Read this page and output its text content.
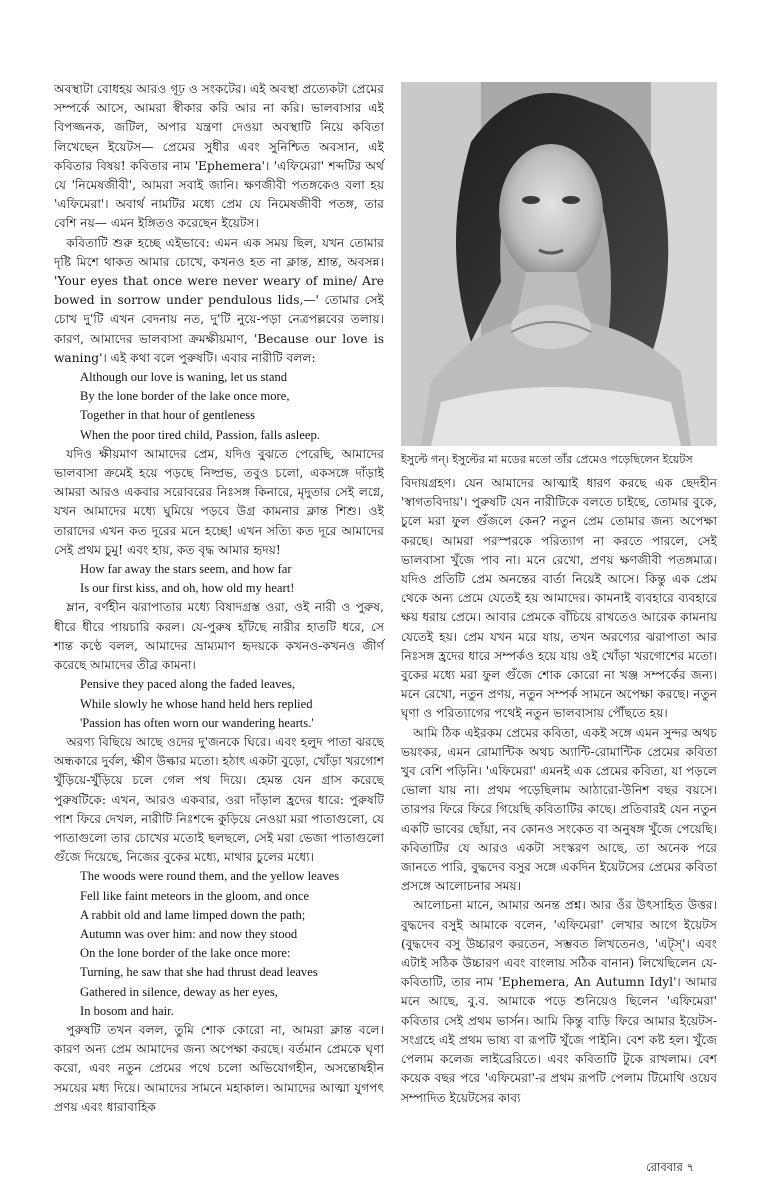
অবস্থাটা বোধহয় আরও গূঢ় ও সংকটের। এই অবস্থা প্রত্যেকটা প্রেমের সম্পর্কে আসে, আমরা স্বীকার করি আর না করি। ভালবাসার এই বিপজ্জনক, জটিল, অপার যন্ত্রণা দেওয়া অবস্থাটি নিয়ে কবিতা লিখেছেন ইয়েটস— প্রেমের সুধীর এবং সুনিশ্চিত অবসান, এই কবিতার বিষয়! কবিতার নাম 'Ephemera'। 'এফিমেরা' শব্দটির অর্থ যে 'নিমেষজীবী', আমরা সবাই জানি। ক্ষণজীবী পতঙ্গকেও বলা হয় 'এফিমেরা'। অবার্থ নামটির মধ্যে প্রেম যে নিমেষজীবী পতঙ্গ, তার বেশি নয়— এমন ইঙ্গিতও করেছেন ইয়েটস।

কবিতাটি শুরু হচ্ছে এইভাবে: এমন এক সময় ছিল, যখন তোমার দৃষ্টি মিশে থাকত আমার চোখে, কখনও হত না ক্লান্ত, শ্রান্ত, অবসন্ন। 'Your eyes that once were never weary of mine/ Are bowed in sorrow under pendulous lids,—' তোমার সেই চোখ দু'টি এখন বেদনায় নত, দু'টি নুয়ে-পড়া নেত্রপল্লবের তলায়। কারণ, আমাদের ভালবাসা ক্রমক্ষীয়মাণ, 'Because our love is waning'। এই কথা বলে পুরুষটি। এবার নারীটি বলল:

Although our love is waning, let us stand
By the lone border of the lake once more,
Together in that hour of gentleness
When the poor tired child, Passion, falls asleep.

যদিও ক্ষীয়মাণ আমাদের প্রেম, যদিও বুঝতে পেরেছি, আমাদের ভালবাসা ক্রমেই হয়ে পড়ছে নিষ্প্রভ, তবুও চলো, একসঙ্গে দাঁড়াই আমরা আরও একবার সরোবরের নিঃসঙ্গ কিনারে, মৃদুতার সেই লগ্নে, যখন আমাদের মধ্যে ঘুমিয়ে পড়বে উগ্র কামনার ক্লান্ত শিশু। ওই তারাদের এখন কত দূরের মনে হচ্ছে! এখন সত্যি কত দূরে আমাদের সেই প্রথম চুমু! এবং হায়, কত বৃদ্ধ আমার হৃদয়!

How far away the stars seem, and how far
Is our first kiss, and oh, how old my heart!

ম্লান, বর্ণহীন ঝরাপাতার মধ্যে বিষাদগ্রস্ত ওরা, ওই নারী ও পুরুষ, ধীরে ধীরে পায়চারি করল। যে-পুরুষ হাঁটছে নারীর হাতটি ধরে, সে শান্ত কণ্ঠে বলল, আমাদের ভ্রাম্যমাণ হৃদয়কে কখনও-কখনও জীর্ণ করেছে আমাদের তীব্র কামনা।

Pensive they paced along the faded leaves,
While slowly he whose hand held hers replied
'Passion has often worn our wandering hearts.'

অরণ্য বিছিয়ে আছে ওদের দু'জনকে ঘিরে। এবং হলুদ পাতা ঝরছে অন্ধকারে দুর্বল, ক্ষীণ উল্কার মতো। হঠাৎ একটা বুড়ো, খোঁড়া খরগোশ খুঁড়িয়ে-খুঁড়িয়ে চলে গেল পথ দিয়ে। হেমন্ত যেন গ্রাস করেছে পুরুষটিকে: এখন, আরও একবার, ওরা দাঁড়াল হ্রদের ধারে: পুরুষটি পাশ ফিরে দেখল, নারীটি নিঃশব্দে কুড়িয়ে নেওয়া মরা পাতাগুলো, যে পাতাগুলো তার চোখের মতোই ছলছলে, সেই মরা ভেজা পাতাগুলো গুঁজে দিয়েছে, নিজের বুকের মধ্যে, মাথার চুলের মধ্যে।

The woods were round them, and the yellow leaves
Fell like faint meteors in the gloom, and once
A rabbit old and lame limped down the path;
Autumn was over him: and now they stood
On the lone border of the lake once more:
Turning, he saw that she had thrust dead leaves
Gathered in silence, deway as her eyes,
In bosom and hair.

পুরুষটি তখন বলল, তুমি শোক কোরো না, আমরা ক্লান্ত বলে। কারণ অন্য প্রেম আমাদের জন্য অপেক্ষা করছে। বর্তমান প্রেমকে ঘৃণা করো, এবং নতুন প্রেমের পথে চলো অভিযোগহীন, অসন্তোষহীন সময়ের মধ্য দিয়ে। আমাদের সামনে মহাকাল। আমাদের আত্মা যুগপৎ প্রণয় এবং ধারাবাহিক

ইসুল্টে গন্। ইসুল্টের মা মডের মতো তাঁর প্রেমেও পড়েছিলেন ইয়েটস

বিদায়গ্রহণ। যেন আমাদের আত্মাই ধারণ করছে এক ছেদহীন 'স্বাগতবিদায়'। পুরুষটি যেন নারীটিকে বলতে চাইছে, তোমার বুকে, চুলে মরা ফুল গুঁজলে কেন? নতুন প্রেম তোমার জন্য অপেক্ষা করছে। আমরা পরস্পরকে পরিত্যাগ না করতে পারলে, সেই ভালবাসা খুঁজে পাব না। মনে রেখো, প্রণয় ক্ষণজীবী পতঙ্গমাত্র। যদিও প্রতিটি প্রেম অনন্তের বার্তা নিয়েই আসে। কিন্তু এক প্রেম থেকে অন্য প্রেমে যেতেই হয় আমাদের। কামনাই ব্যবহারে ব্যবহারে ক্ষয় ধরায় প্রেমে। আবার প্রেমকে বাঁচিয়ে রাখতেও আরেক কামনায় যেতেই হয়। প্রেম যখন মরে যায়, তখন অরণ্যের ঝরাপাতা আর নিঃসঙ্গ হ্রদের ধারে সম্পর্কও হয়ে যায় ওই খোঁড়া খরগোশের মতো। বুকের মধ্যে মরা ফুল গুঁজে শোক কোরো না খঞ্জ সম্পর্কের জন্য। মনে রেখো, নতুন প্রণয়, নতুন সম্পর্ক সামনে অপেক্ষা করছে। নতুন ঘৃণা ও পরিত্যাগের পথেই নতুন ভালবাসায় পৌঁছতে হয়।

আমি ঠিক এইরকম প্রেমের কবিতা, একই সঙ্গে এমন সুন্দর অথচ ভয়ংকর, এমন রোমান্টিক অথচ অ্যান্টি-রোমান্টিক প্রেমের কবিতা খুব বেশি পড়িনি। 'এফিমেরা' এমনই এক প্রেমের কবিতা, যা পড়লে ভোলা যায় না। প্রথম পড়েছিলাম আঠারো-উনিশ বছর বয়সে। তারপর ফিরে ফিরে গিয়েছি কবিতাটির কাছে। প্রতিবারই যেন নতুন একটি ভাবের ছোঁয়া, নব কোনও সংকেত বা অনুষঙ্গ খুঁজে পেয়েছি। কবিতাটির যে আরও একটা সংস্করণ আছে, তা অনেক পরে জানতে পারি, বুদ্ধদেব বসুর সঙ্গে একদিন ইয়েটসের প্রেমের কবিতা প্রসঙ্গে আলোচনার সময়।

আলোচনা মানে, আমার অনন্ত প্রশ্ন। আর ওঁর উৎসাহিত উত্তর। বুদ্ধদেব বসুই আমাকে বলেন, 'এফিমেরা' লেখার আগে ইয়েটস (বুদ্ধদেব বসু উচ্চারণ করতেন, সম্ভবত লিখতেনও, 'এট্‌স্'। এবং এটাই সঠিক উচ্চারণ এবং বাংলায় সঠিক বানান) লিখেছিলেন যে-কবিতাটি, তার নাম 'Ephemera, An Autumn Idyl'। আমার মনে আছে, বু.ব. আমাকে পড়ে শুনিয়েও ছিলেন 'এফিমেরা' কবিতার সেই প্রথম ভার্সন। আমি কিন্তু বাড়ি ফিরে আমার ইয়েটস-সংগ্রহে এই প্রথম ভাষ্য বা রূপটি খুঁজে পাইনি। বেশ কষ্ট হল। খুঁজে পেলাম কলেজ লাইব্রেরিতে। এবং কবিতাটি টুকে রাখলাম। বেশ কয়েক বছর পরে 'এফিমেরা'-র প্রথম রূপটি পেলাম টিমোথি ওয়েব সম্পাদিত ইয়েটসের কাব্য

রোববার ৭
